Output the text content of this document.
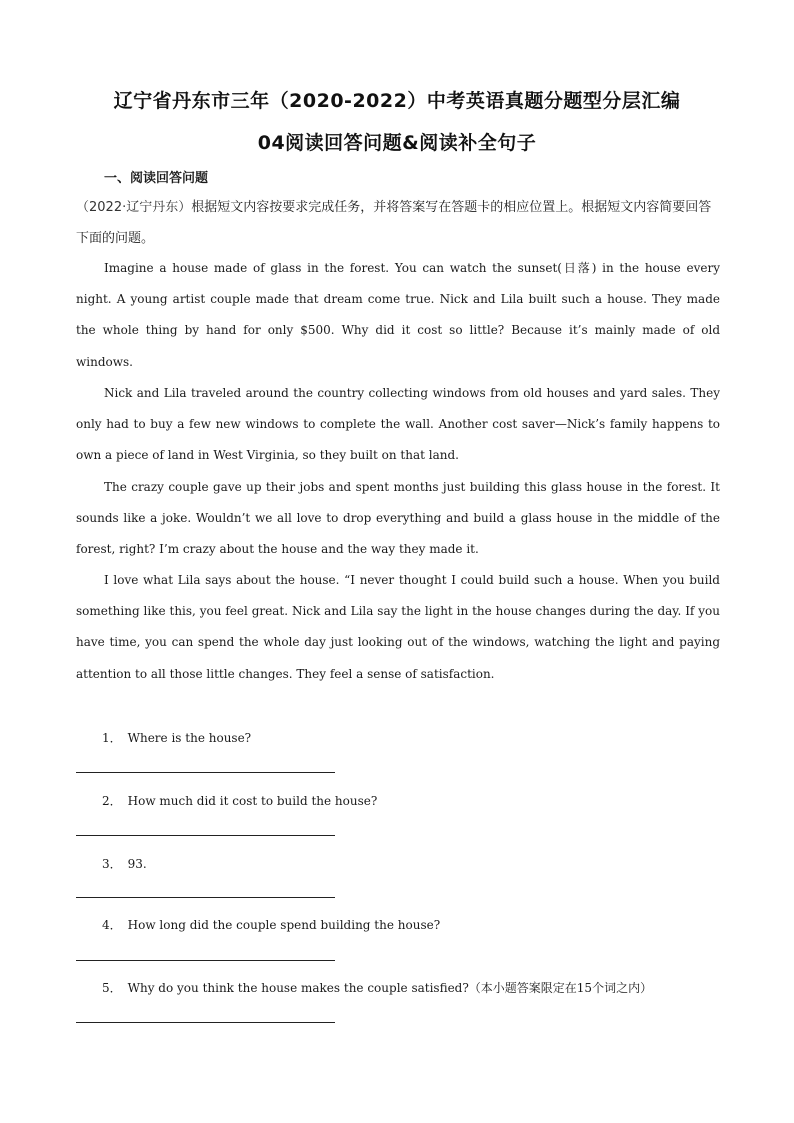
辽宁省丹东市三年（2020-2022）中考英语真题分题型分层汇编
04阅读回答问题&阅读补全句子
一、阅读回答问题
（2022·辽宁丹东）根据短文内容按要求完成任务，并将答案写在答题卡的相应位置上。根据短文内容简要回答下面的问题。
Imagine a house made of glass in the forest. You can watch the sunset(日落) in the house every night. A young artist couple made that dream come true. Nick and Lila built such a house. They made the whole thing by hand for only $500. Why did it cost so little? Because it’s mainly made of old windows.
Nick and Lila traveled around the country collecting windows from old houses and yard sales. They only had to buy a few new windows to complete the wall. Another cost saver—Nick’s family happens to own a piece of land in West Virginia, so they built on that land.
The crazy couple gave up their jobs and spent months just building this glass house in the forest. It sounds like a joke. Wouldn’t we all love to drop everything and build a glass house in the middle of the forest, right? I’m crazy about the house and the way they made it.
I love what Lila says about the house. “I never thought I could build such a house. When you build something like this, you feel great. Nick and Lila say the light in the house changes during the day. If you have time, you can spend the whole day just looking out of the windows, watching the light and paying attention to all those little changes. They feel a sense of satisfaction.
1． Where is the house?
2． How much did it cost to build the house?
3． 93.
4． How long did the couple spend building the house?
5． Why do you think the house makes the couple satisfied?（本小题答案限定在15个词之内）
